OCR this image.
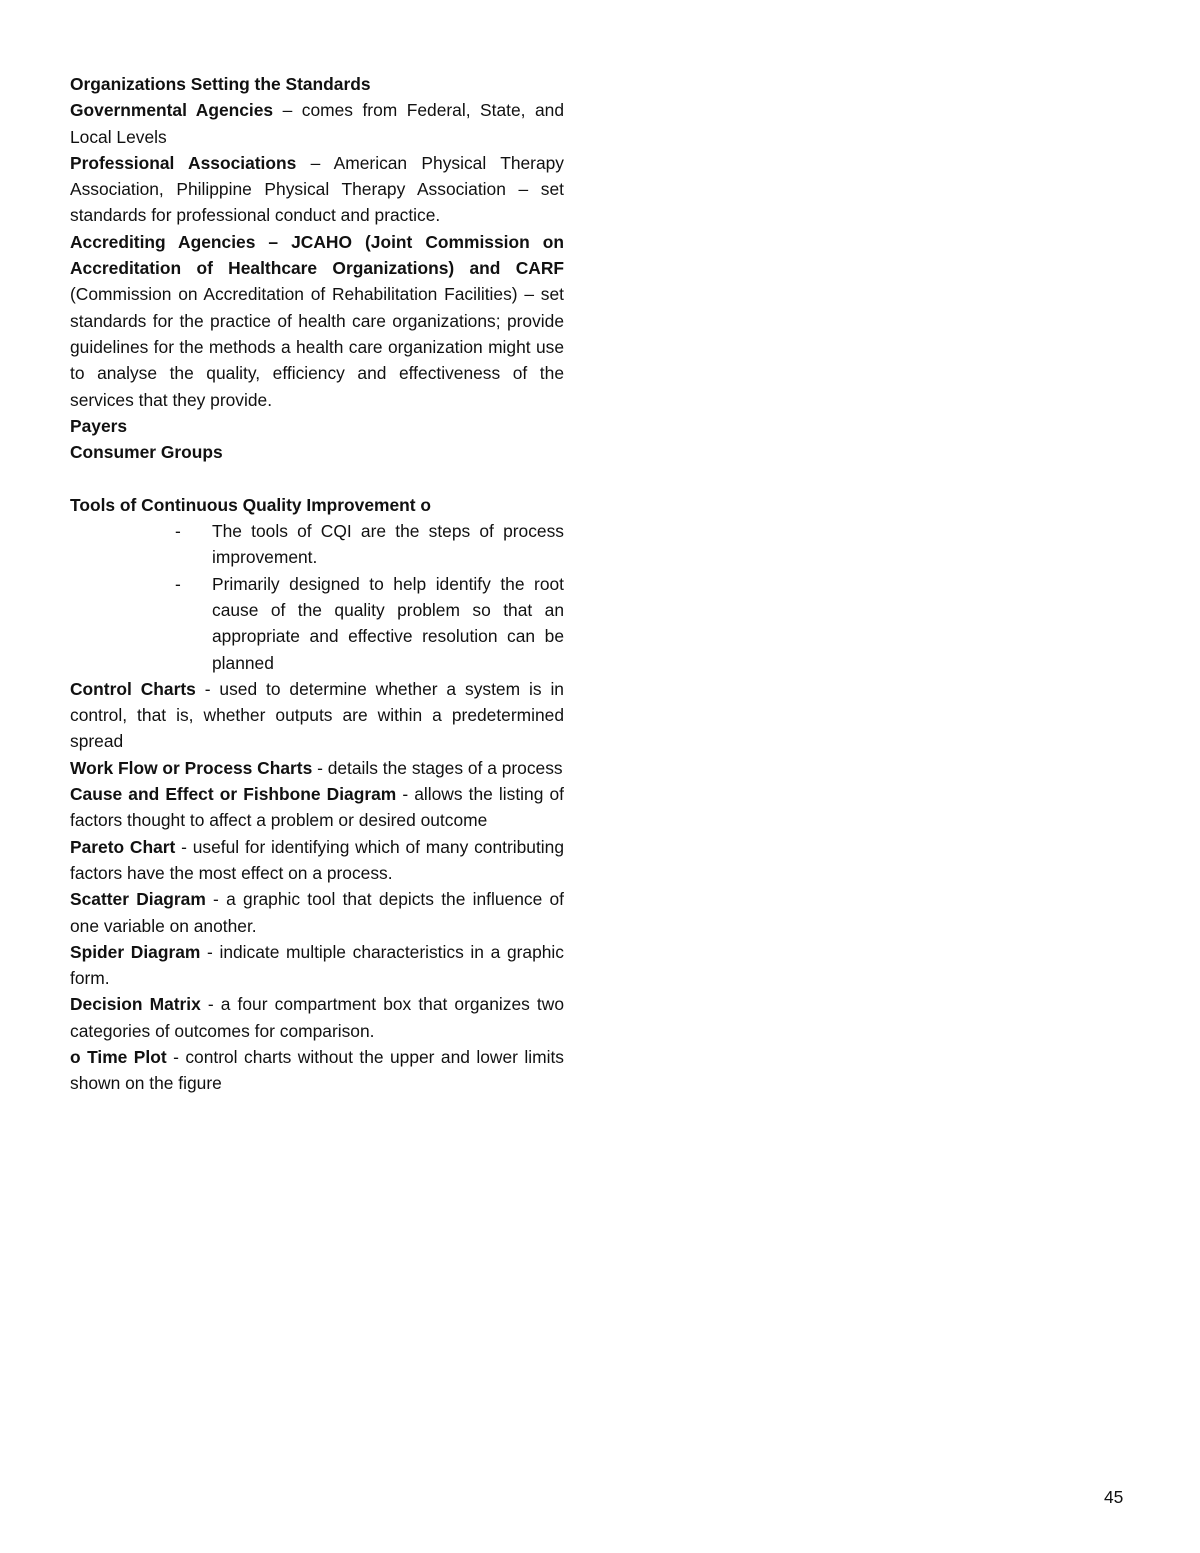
Organizations Setting the Standards

Governmental Agencies – comes from Federal, State, and Local Levels

Professional Associations – American Physical Therapy Association, Philippine Physical Therapy Association – set standards for professional conduct and practice.

Accrediting Agencies – JCAHO (Joint Commission on Accreditation of Healthcare Organizations) and CARF (Commission on Accreditation of Rehabilitation Facilities) – set standards for the practice of health care organizations; provide guidelines for the methods a health care organization might use to analyse the quality, efficiency and effectiveness of the services that they provide.

Payers

Consumer Groups

Tools of Continuous Quality Improvement o

- The tools of CQI are the steps of process improvement.
- Primarily designed to help identify the root cause of the quality problem so that an appropriate and effective resolution can be planned

Control Charts - used to determine whether a system is in control, that is, whether outputs are within a predetermined spread

Work Flow or Process Charts - details the stages of a process

Cause and Effect or Fishbone Diagram - allows the listing of factors thought to affect a problem or desired outcome

Pareto Chart - useful for identifying which of many contributing factors have the most effect on a process.

Scatter Diagram - a graphic tool that depicts the influence of one variable on another.

Spider Diagram - indicate multiple characteristics in a graphic form.

Decision Matrix - a four compartment box that organizes two categories of outcomes for comparison.

o Time Plot - control charts without the upper and lower limits shown on the figure

45
